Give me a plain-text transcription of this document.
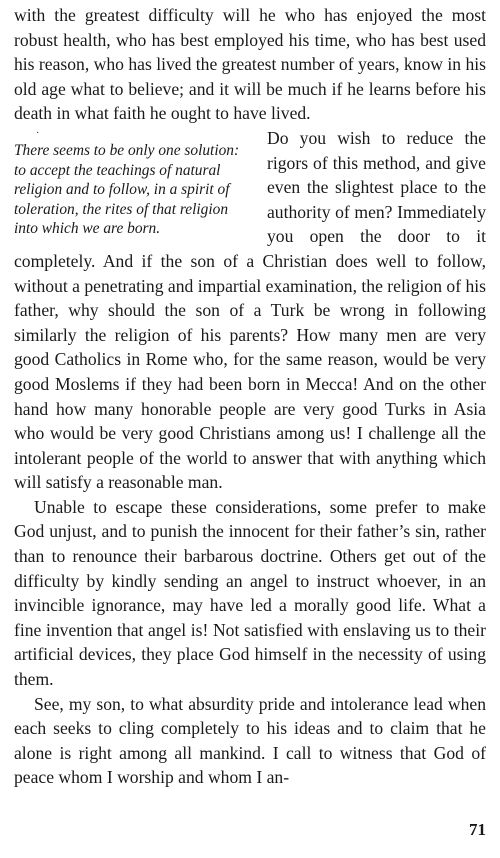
with the greatest difficulty will he who has enjoyed the most robust health, who has best employed his time, who has best used his reason, who has lived the greatest number of years, know in his old age what to believe; and it will be much if he learns before his death in what faith he ought to have lived.

·
There seems to be only one solution: to accept the teachings of natural religion and to follow, in a spirit of toleration, the rites of that religion into which we are born.

Do you wish to reduce the rigors of this method, and give even the slightest place to the authority of men? Immediately you open the door to it completely. And if the son of a Christian does well to follow, without a penetrating and impartial examination, the religion of his father, why should the son of a Turk be wrong in following similarly the religion of his parents? How many men are very good Catholics in Rome who, for the same reason, would be very good Moslems if they had been born in Mecca! And on the other hand how many honorable people are very good Turks in Asia who would be very good Christians among us! I challenge all the intolerant people of the world to answer that with anything which will satisfy a reasonable man.

Unable to escape these considerations, some prefer to make God unjust, and to punish the innocent for their father’s sin, rather than to renounce their barbarous doctrine. Others get out of the difficulty by kindly sending an angel to instruct whoever, in an invincible ignorance, may have led a morally good life. What a fine invention that angel is! Not satisfied with enslaving us to their artificial devices, they place God himself in the necessity of using them.

See, my son, to what absurdity pride and intolerance lead when each seeks to cling completely to his ideas and to claim that he alone is right among all mankind. I call to witness that God of peace whom I worship and whom I an-

71
